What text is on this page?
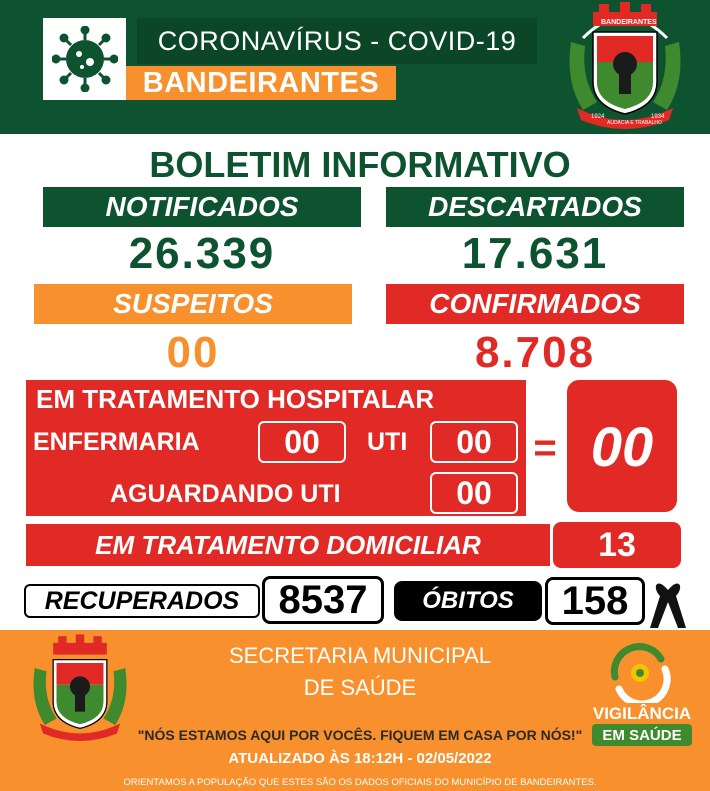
CORONAVÍRUS - COVID-19
BANDEIRANTES
1924
AUDÁCIA E TRABALHO
1934
BANDEIRANTES
BOLETIM INFORMATIVO
NOTIFICADOS	DESCARTADOS
26.339	17.631
SUSPEITOS	CONFIRMADOS
00	8.708
EM TRATAMENTO HOSPITALAR
ENFERMARIA	00	UTI	00
AGUARDANDO UTI	00
= 00
EM TRATAMENTO DOMICILIAR	13
RECUPERADOS 8537	ÓBITOS	158
SECRETARIA MUNICIPAL
DE SAÚDE
"NÓS ESTAMOS AQUI POR VOCÊS. FIQUEM EM CASA POR NÓS!"
ATUALIZADO ÀS 18:12H - 02/05/2022
ORIENTAMOS A POPULAÇÃO QUE ESTES SÃO OS DADOS OFICIAIS DO MUNICÍPIO DE BANDEIRANTES.
VIGILÂNCIA
EM SAÚDE
